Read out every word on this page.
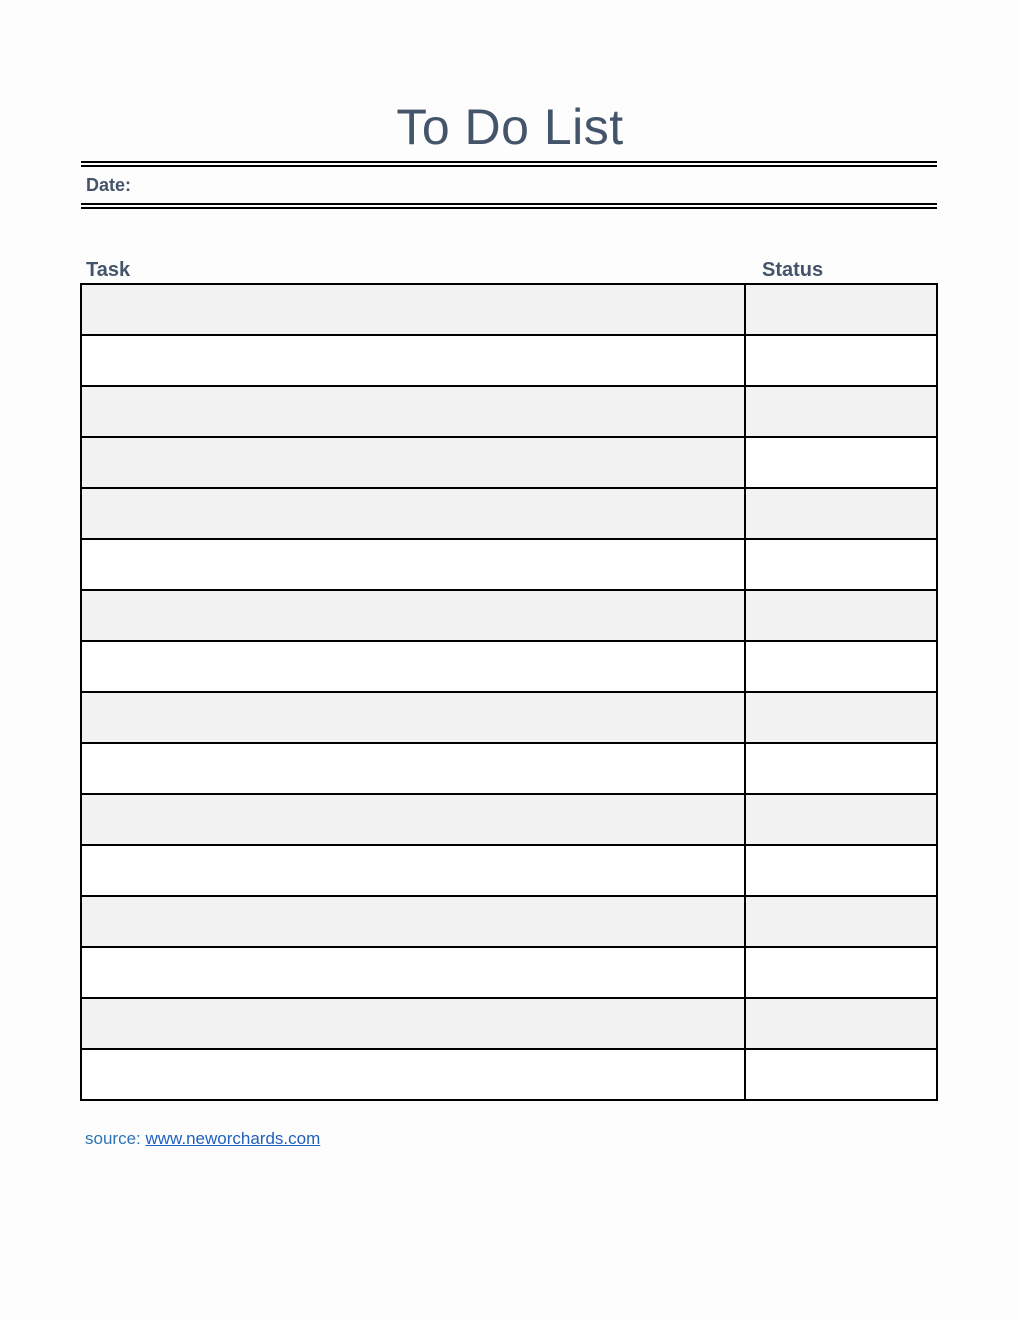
To Do List
Date:
Task	Status

source: www.neworchards.com
